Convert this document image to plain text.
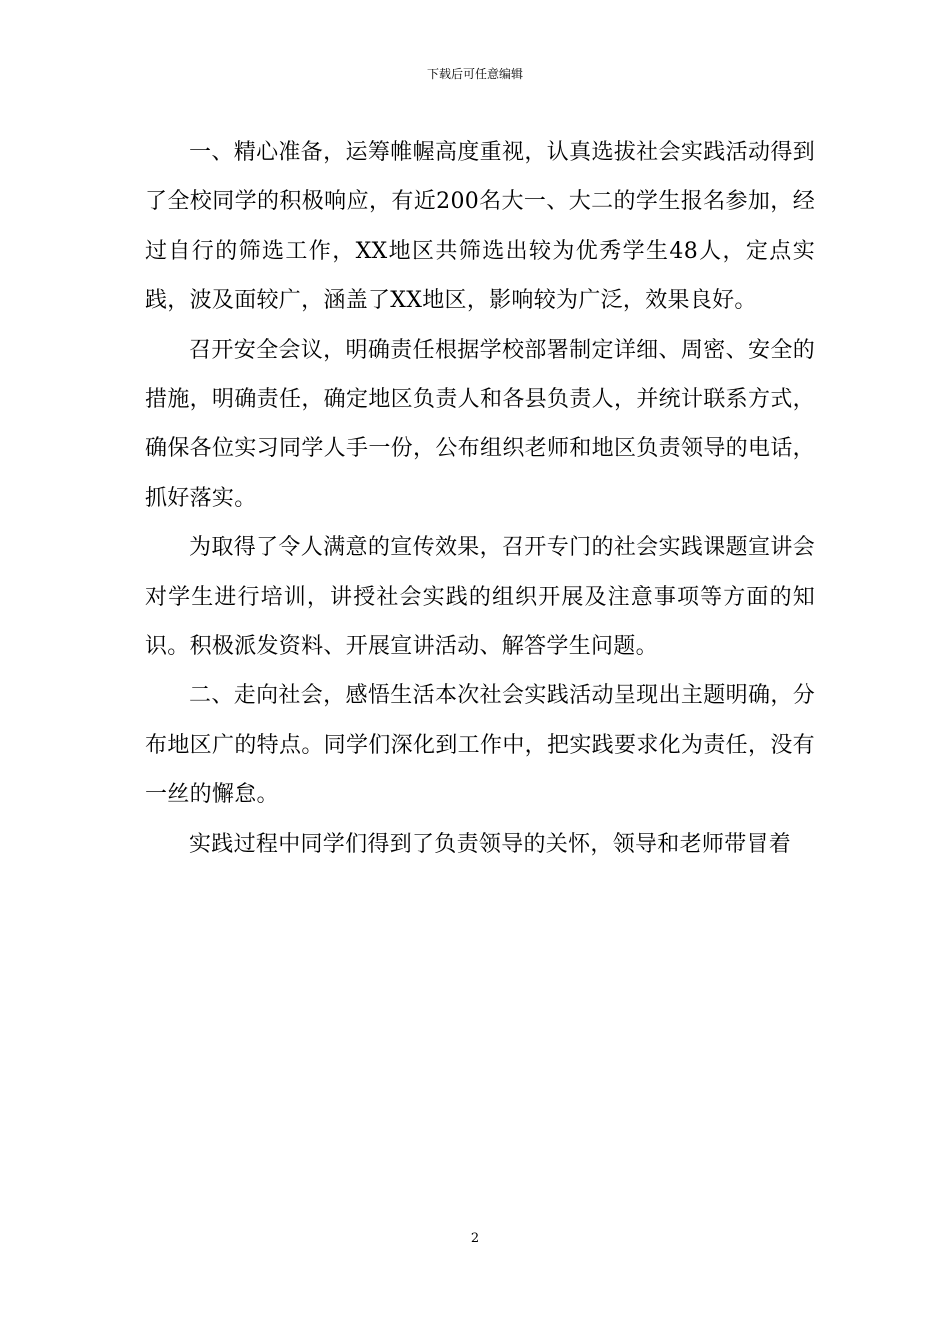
下载后可任意编辑

一、精心准备，运筹帷幄高度重视，认真选拔社会实践活动得到了全校同学的积极响应，有近200名大一、大二的学生报名参加，经过自行的筛选工作，XX地区共筛选出较为优秀学生48人，定点实践，波及面较广，涵盖了XX地区，影响较为广泛，效果良好。

召开安全会议，明确责任根据学校部署制定详细、周密、安全的措施，明确责任，确定地区负责人和各县负责人，并统计联系方式，确保各位实习同学人手一份，公布组织老师和地区负责领导的电话，抓好落实。

为取得了令人满意的宣传效果，召开专门的社会实践课题宣讲会对学生进行培训，讲授社会实践的组织开展及注意事项等方面的知识。积极派发资料、开展宣讲活动、解答学生问题。

二、走向社会，感悟生活本次社会实践活动呈现出主题明确，分布地区广的特点。同学们深化到工作中，把实践要求化为责任，没有一丝的懈怠。

实践过程中同学们得到了负责领导的关怀，领导和老师带冒着

2
